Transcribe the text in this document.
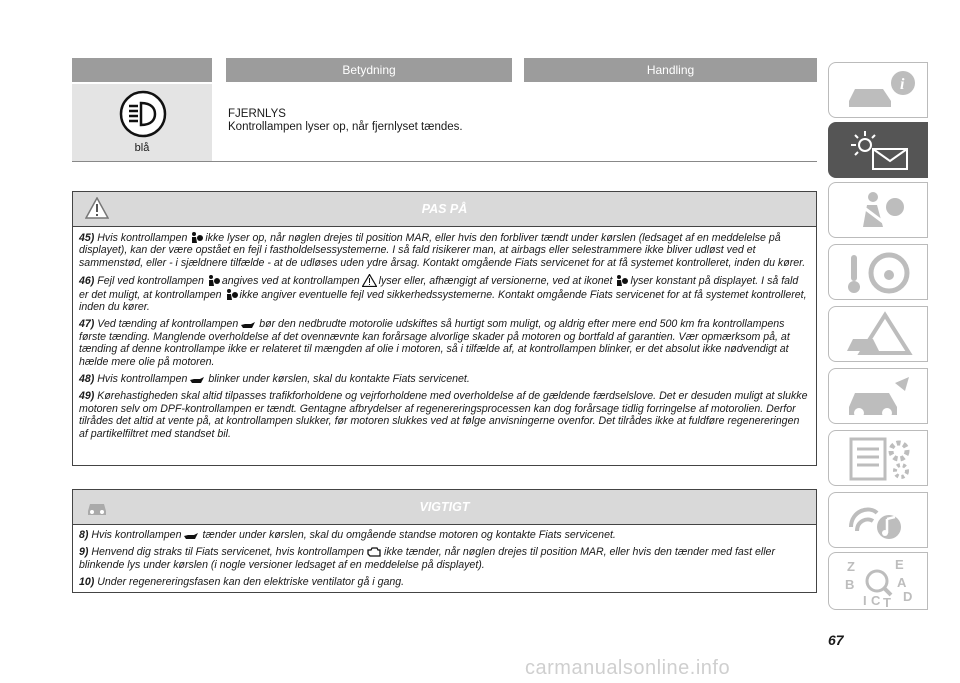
Betydning	Handling
blå
FJERNLYS
Kontrollampen lyser op, når fjernlyset tændes.
PAS PÅ

45) Hvis kontrollampen ikke lyser op, når nøglen drejes til position MAR, eller hvis den forbliver tændt under kørslen (ledsaget af en meddelelse på displayet), kan der være opstået en fejl i fastholdelsessystemerne. I så fald risikerer man, at airbags eller selestrammere ikke bliver udløst ved et sammenstød, eller - i sjældnere tilfælde - at de udløses uden ydre årsag. Kontakt omgående Fiats servicenet for at få systemet kontrolleret, inden du kører.

46) Fejl ved kontrollampen angives ved at kontrollampen lyser eller, afhængigt af versionerne, ved at ikonet lyser konstant på displayet. I så fald er det muligt, at kontrollampen ikke angiver eventuelle fejl ved sikkerhedssystemerne. Kontakt omgående Fiats servicenet for at få systemet kontrolleret, inden du kører.

47) Ved tænding af kontrollampen bør den nedbrudte motorolie udskiftes så hurtigt som muligt, og aldrig efter mere end 500 km fra kontrollampens første tænding. Manglende overholdelse af det ovennævnte kan forårsage alvorlige skader på motoren og bortfald af garantien. Vær opmærksom på, at tænding af denne kontrollampe ikke er relateret til mængden af olie i motoren, så i tilfælde af, at kontrollampen blinker, er det absolut ikke nødvendigt at hælde mere olie på motoren.

48) Hvis kontrollampen blinker under kørslen, skal du kontakte Fiats servicenet.

49) Kørehastigheden skal altid tilpasses trafikforholdene og vejrforholdene med overholdelse af de gældende færdselslove. Det er desuden muligt at slukke motoren selv om DPF-kontrollampen er tændt. Gentagne afbrydelser af regenereringsprocessen kan dog forårsage tidlig forringelse af motorolien. Derfor tilrådes det altid at vente på, at kontrollampen slukker, før motoren slukkes ved at følge anvisningerne ovenfor. Det tilrådes ikke at fuldføre regenereringen af partikelfiltret med standset bil.

VIGTIGT

8) Hvis kontrollampen tænder under kørslen, skal du omgående standse motoren og kontakte Fiats servicenet.

9) Henvend dig straks til Fiats servicenet, hvis kontrollampen ikke tænder, når nøglen drejes til position MAR, eller hvis den tænder med fast eller blinkende lys under kørslen (i nogle versioner ledsaget af en meddelelse på displayet).

10) Under regenereringsfasen kan den elektriske ventilator gå i gang.

i
Z	E
B	A
D
I C T
67
carmanualsonline.info
